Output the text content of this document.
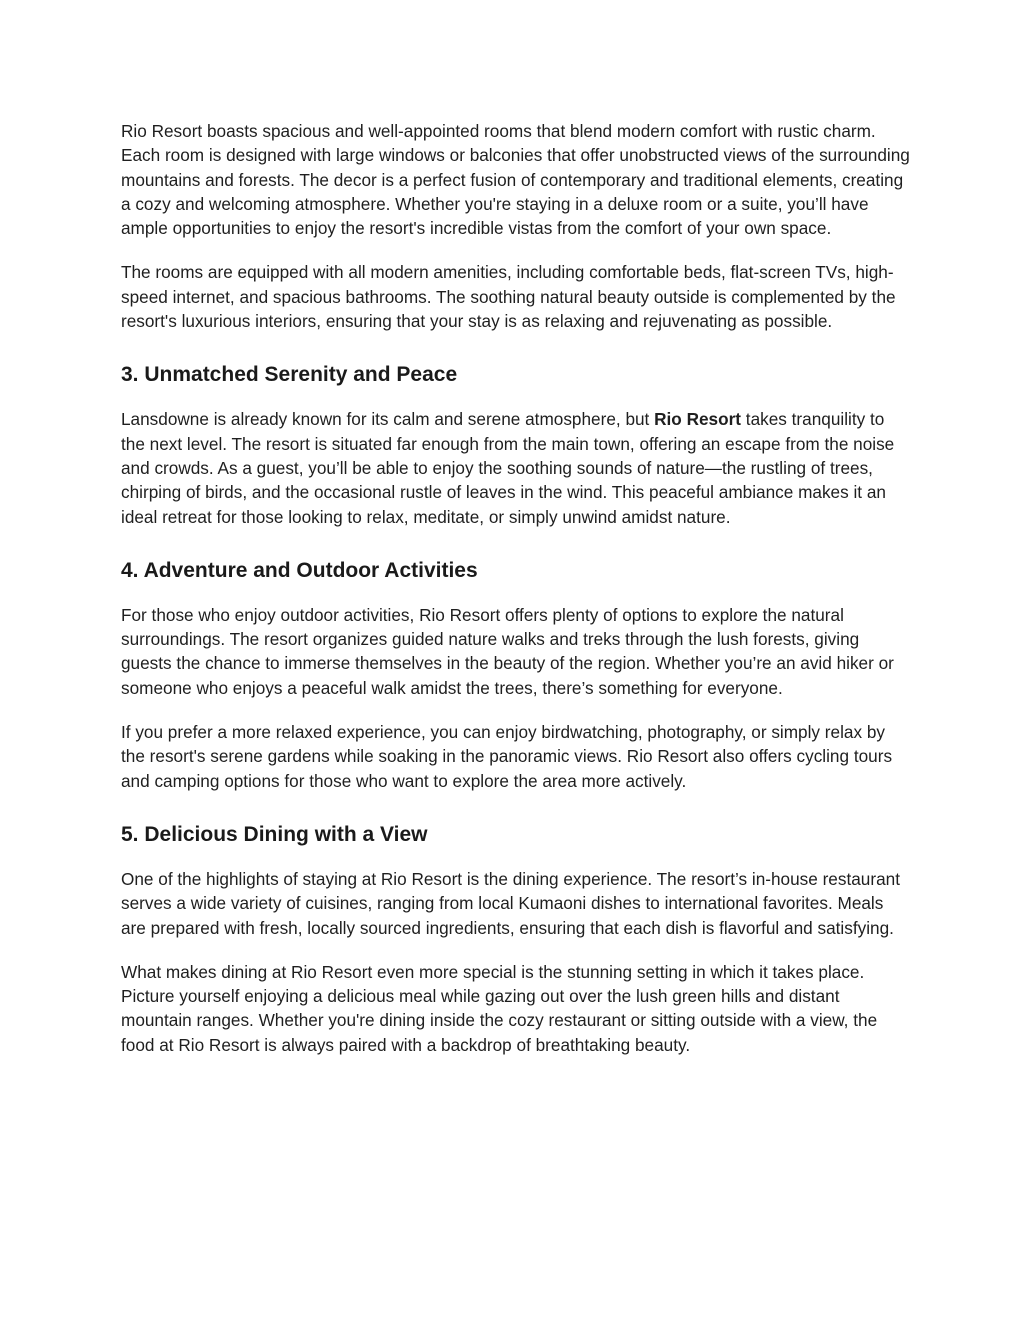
Rio Resort boasts spacious and well-appointed rooms that blend modern comfort with rustic charm. Each room is designed with large windows or balconies that offer unobstructed views of the surrounding mountains and forests. The decor is a perfect fusion of contemporary and traditional elements, creating a cozy and welcoming atmosphere. Whether you're staying in a deluxe room or a suite, you’ll have ample opportunities to enjoy the resort's incredible vistas from the comfort of your own space.

The rooms are equipped with all modern amenities, including comfortable beds, flat-screen TVs, high-speed internet, and spacious bathrooms. The soothing natural beauty outside is complemented by the resort's luxurious interiors, ensuring that your stay is as relaxing and rejuvenating as possible.

3. Unmatched Serenity and Peace

Lansdowne is already known for its calm and serene atmosphere, but Rio Resort takes tranquility to the next level. The resort is situated far enough from the main town, offering an escape from the noise and crowds. As a guest, you’ll be able to enjoy the soothing sounds of nature—the rustling of trees, chirping of birds, and the occasional rustle of leaves in the wind. This peaceful ambiance makes it an ideal retreat for those looking to relax, meditate, or simply unwind amidst nature.

4. Adventure and Outdoor Activities

For those who enjoy outdoor activities, Rio Resort offers plenty of options to explore the natural surroundings. The resort organizes guided nature walks and treks through the lush forests, giving guests the chance to immerse themselves in the beauty of the region. Whether you’re an avid hiker or someone who enjoys a peaceful walk amidst the trees, there’s something for everyone.

If you prefer a more relaxed experience, you can enjoy birdwatching, photography, or simply relax by the resort's serene gardens while soaking in the panoramic views. Rio Resort also offers cycling tours and camping options for those who want to explore the area more actively.

5. Delicious Dining with a View

One of the highlights of staying at Rio Resort is the dining experience. The resort’s in-house restaurant serves a wide variety of cuisines, ranging from local Kumaoni dishes to international favorites. Meals are prepared with fresh, locally sourced ingredients, ensuring that each dish is flavorful and satisfying.

What makes dining at Rio Resort even more special is the stunning setting in which it takes place. Picture yourself enjoying a delicious meal while gazing out over the lush green hills and distant mountain ranges. Whether you're dining inside the cozy restaurant or sitting outside with a view, the food at Rio Resort is always paired with a backdrop of breathtaking beauty.
